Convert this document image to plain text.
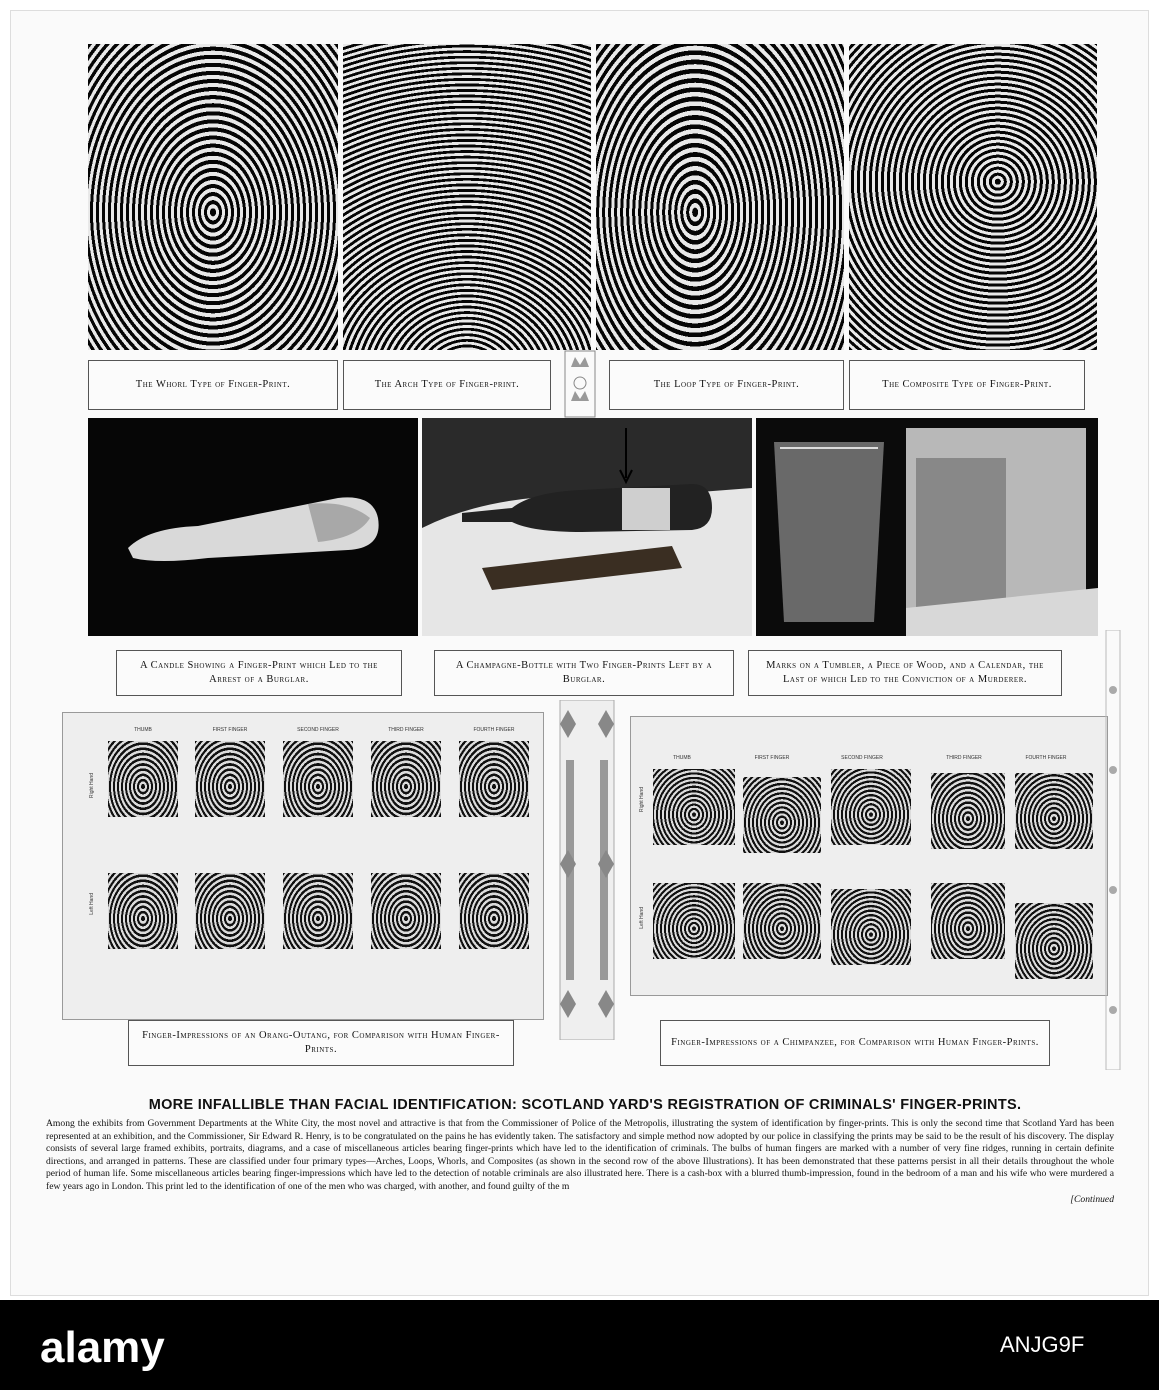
The Whorl Type of Finger-Print.	The Arch Type of Finger-print.	The Loop Type of Finger-Print.	The Composite Type of Finger-Print.
A Candle Showing a Finger-Print which Led to the Arrest of a Burglar.
A Champagne-Bottle with Two Finger-Prints Left by a Burglar.
Marks on a Tumbler, a Piece of Wood, and a Calendar, the Last of which Led to the Conviction of a Murderer.
THUMB	FIRST FINGER	SECOND FINGER	THIRD FINGER	FOURTH FINGER
Right Hand
Left Hand
THUMB	FIRST FINGER	SECOND FINGER	THIRD FINGER	FOURTH FINGER
Right Hand
Left Hand
Finger-Impressions of an Orang-Outang, for Comparison with Human Finger-Prints.
Finger-Impressions of a Chimpanzee, for Comparison with Human Finger-Prints.
MORE INFALLIBLE THAN FACIAL IDENTIFICATION: SCOTLAND YARD'S REGISTRATION OF CRIMINALS' FINGER-PRINTS.
Among the exhibits from Government Departments at the White City, the most novel and attractive is that from the Commissioner of Police of the Metropolis, illustrating the system of identification by finger-prints. This is only the second time that Scotland Yard has been represented at an exhibition, and the Commissioner, Sir Edward R. Henry, is to be congratulated on the pains he has evidently taken. The satisfactory and simple method now adopted by our police in classifying the prints may be said to be the result of his discovery. The display consists of several large framed exhibits, portraits, diagrams, and a case of miscellaneous articles bearing finger-prints which have led to the identification of criminals. The bulbs of human fingers are marked with a number of very fine ridges, running in certain definite directions, and arranged in patterns. These are classified under four primary types—Arches, Loops, Whorls, and Composites (as shown in the second row of the above Illustrations). It has been demonstrated that these patterns persist in all their details throughout the whole period of human life. Some miscellaneous articles bearing finger-impressions which have led to the detection of notable criminals are also illustrated here. There is a cash-box with a blurred thumb-impression, found in the bedroom of a man and his wife who were murdered a few years ago in London. This print led to the identification of one of the men who was charged, with another, and found guilty of the m
[Continued
alamy	ANJG9F
